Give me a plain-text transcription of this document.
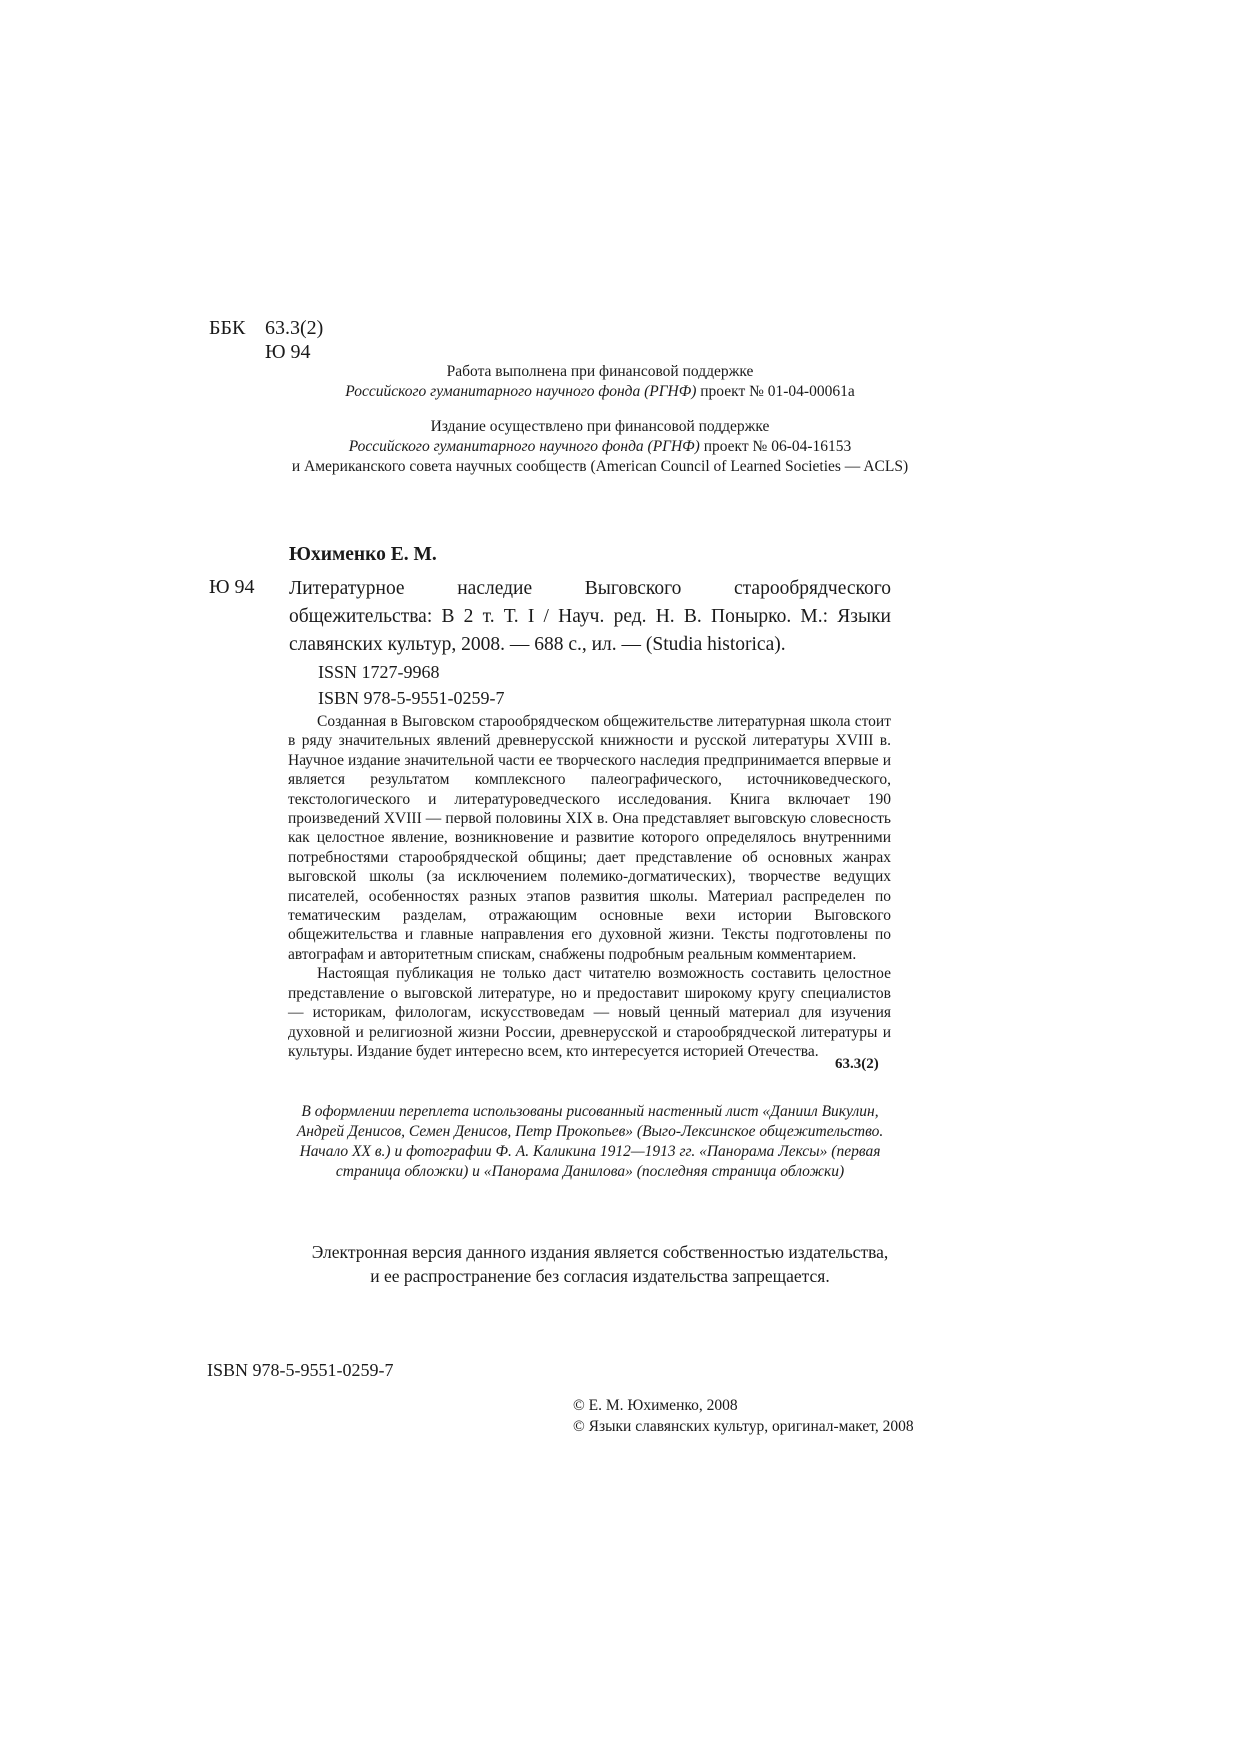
ББК 63.3(2)
Ю 94
Работа выполнена при финансовой поддержке
Российского гуманитарного научного фонда (РГНФ) проект № 01-04-00061а
Издание осуществлено при финансовой поддержке
Российского гуманитарного научного фонда (РГНФ) проект № 06-04-16153
и Американского совета научных сообществ (American Council of Learned Societies — ACLS)
Юхименко Е. М.
Ю 94 Литературное наследие Выговского старообрядческого общежительства: В 2 т. Т. I / Науч. ред. Н. В. Понырко. М.: Языки славянских культур, 2008. — 688 с., ил. — (Studia historica).
ISSN 1727-9968
ISBN 978-5-9551-0259-7

Созданная в Выговском старообрядческом общежительстве литературная школа стоит в ряду значительных явлений древнерусской книжности и русской литературы XVIII в. Научное издание значительной части ее творческого наследия предпринимается впервые и является результатом комплексного палеографического, источниковедческого, текстологического и литературоведческого исследования. Книга включает 190 произведений XVIII — первой половины XIX в. Она представляет выговскую словесность как целостное явление, возникновение и развитие которого определялось внутренними потребностями старообрядческой общины; дает представление об основных жанрах выговской школы (за исключением полемико-догматических), творчестве ведущих писателей, особенностях разных этапов развития школы. Материал распределен по тематическим разделам, отражающим основные вехи истории Выговского общежительства и главные направления его духовной жизни. Тексты подготовлены по автографам и авторитетным спискам, снабжены подробным реальным комментарием.

Настоящая публикация не только даст читателю возможность составить целостное представление о выговской литературе, но и предоставит широкому кругу специалистов — историкам, филологам, искусствоведам — новый ценный материал для изучения духовной и религиозной жизни России, древнерусской и старообрядческой литературы и культуры. Издание будет интересно всем, кто интересуется историей Отечества.

63.3(2)
В оформлении переплета использованы рисованный настенный лист «Даниил Викулин, Андрей Денисов, Семен Денисов, Петр Прокопьев» (Выго-Лексинское общежительство. Начало XX в.) и фотографии Ф. А. Каликина 1912—1913 гг. «Панорама Лексы» (первая страница обложки) и «Панорама Данилова» (последняя страница обложки)
Электронная версия данного издания является собственностью издательства,
и ее распространение без согласия издательства запрещается.
ISBN 978-5-9551-0259-7
© Е. М. Юхименко, 2008
© Языки славянских культур, оригинал-макет, 2008
